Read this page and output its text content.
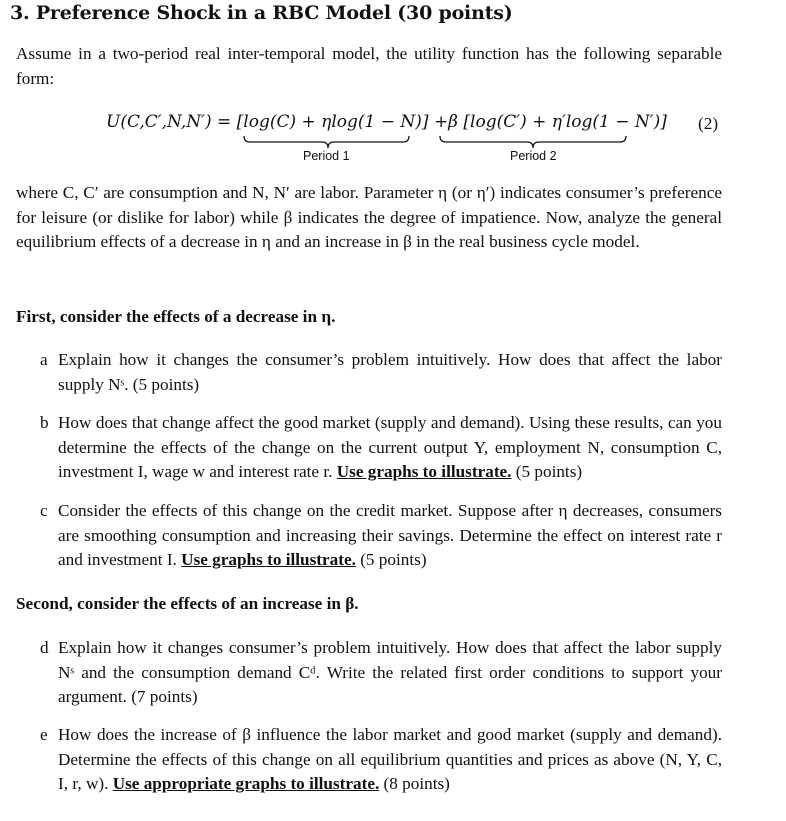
3. Preference Shock in a RBC Model (30 points)
Assume in a two-period real inter-temporal model, the utility function has the following separable form:
U(C,C′,N,N′) = [log(C) + ηlog(1 − N)] +β [log(C′) + η′log(1 − N′)]
Period 1	Period 2
(2)
where C, C′ are consumption and N, N′ are labor. Parameter η (or η′) indicates consumer’s preference for leisure (or dislike for labor) while β indicates the degree of impatience. Now, analyze the general equilibrium effects of a decrease in η and an increase in β in the real business cycle model.
First, consider the effects of a decrease in η.
a Explain how it changes the consumer’s problem intuitively. How does that affect the labor supply Nˢ. (5 points)
b How does that change affect the good market (supply and demand). Using these results, can you determine the effects of the change on the current output Y, employment N, consumption C, investment I, wage w and interest rate r. Use graphs to illustrate. (5 points)
c Consider the effects of this change on the credit market. Suppose after η decreases, consumers are smoothing consumption and increasing their savings. Determine the effect on interest rate r and investment I. Use graphs to illustrate. (5 points)
Second, consider the effects of an increase in β.
d Explain how it changes consumer’s problem intuitively. How does that affect the labor supply Nˢ and the consumption demand Cᵈ. Write the related first order conditions to support your argument. (7 points)
e How does the increase of β influence the labor market and good market (supply and demand). Determine the effects of this change on all equilibrium quantities and prices as above (N, Y, C, I, r, w). Use appropriate graphs to illustrate. (8 points)
